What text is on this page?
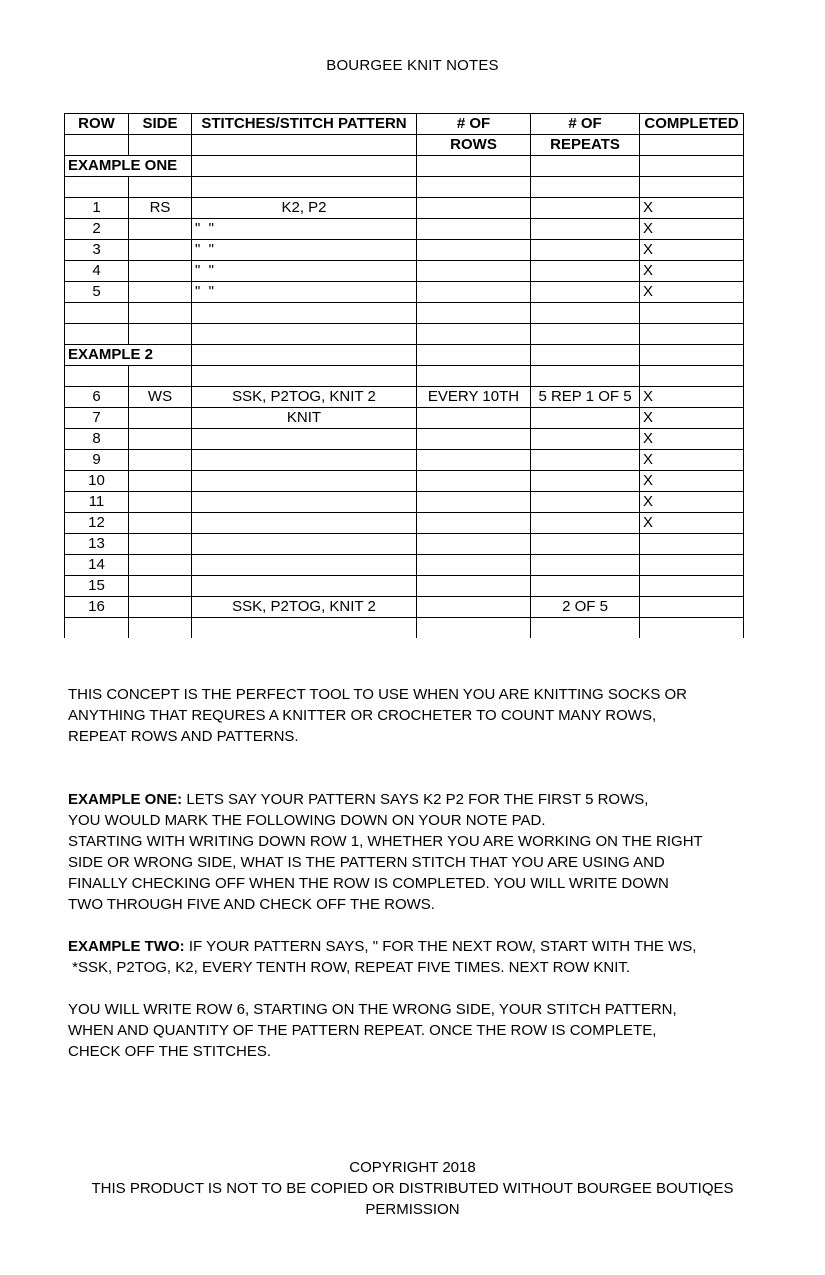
BOURGEE KNIT NOTES
ROW	SIDE	STITCHES/STITCH PATTERN	# OF	# OF	COMPLETED
			ROWS	REPEATS	
EXAMPLE ONE					

1	RS	K2, P2			X
2		"  "			X
3		"  "			X
4		"  "			X
5		"  "			X

EXAMPLE 2					

6	WS	SSK, P2TOG, KNIT 2	EVERY 10TH	5 REP 1 OF 5	X
7		KNIT			X
8					X
9					X
10					X
11					X
12					X
13					
14					
15					
16		SSK, P2TOG, KNIT 2		2 OF 5	

THIS CONCEPT IS THE PERFECT TOOL TO USE WHEN YOU ARE KNITTING SOCKS OR

ANYTHING THAT REQURES A KNITTER OR CROCHETER TO COUNT MANY ROWS,

REPEAT ROWS AND PATTERNS.

EXAMPLE ONE: LETS SAY YOUR PATTERN SAYS K2 P2 FOR THE FIRST 5 ROWS,

YOU WOULD MARK THE FOLLOWING DOWN ON YOUR NOTE PAD.

STARTING WITH WRITING DOWN ROW 1, WHETHER YOU ARE WORKING ON THE RIGHT

SIDE OR WRONG SIDE, WHAT IS THE PATTERN STITCH THAT YOU ARE USING AND

FINALLY CHECKING OFF WHEN THE ROW IS COMPLETED. YOU WILL WRITE DOWN

TWO THROUGH FIVE AND CHECK OFF THE ROWS.

EXAMPLE TWO: IF YOUR PATTERN SAYS, " FOR THE NEXT ROW, START WITH THE WS,

*SSK, P2TOG, K2, EVERY TENTH ROW, REPEAT FIVE TIMES. NEXT ROW KNIT.

YOU WILL WRITE ROW 6, STARTING ON THE WRONG SIDE, YOUR STITCH PATTERN,

WHEN AND QUANTITY OF THE PATTERN REPEAT. ONCE THE ROW IS COMPLETE,

CHECK OFF THE STITCHES.

COPYRIGHT 2018

THIS PRODUCT IS NOT TO BE COPIED OR DISTRIBUTED WITHOUT BOURGEE BOUTIQES

PERMISSION
